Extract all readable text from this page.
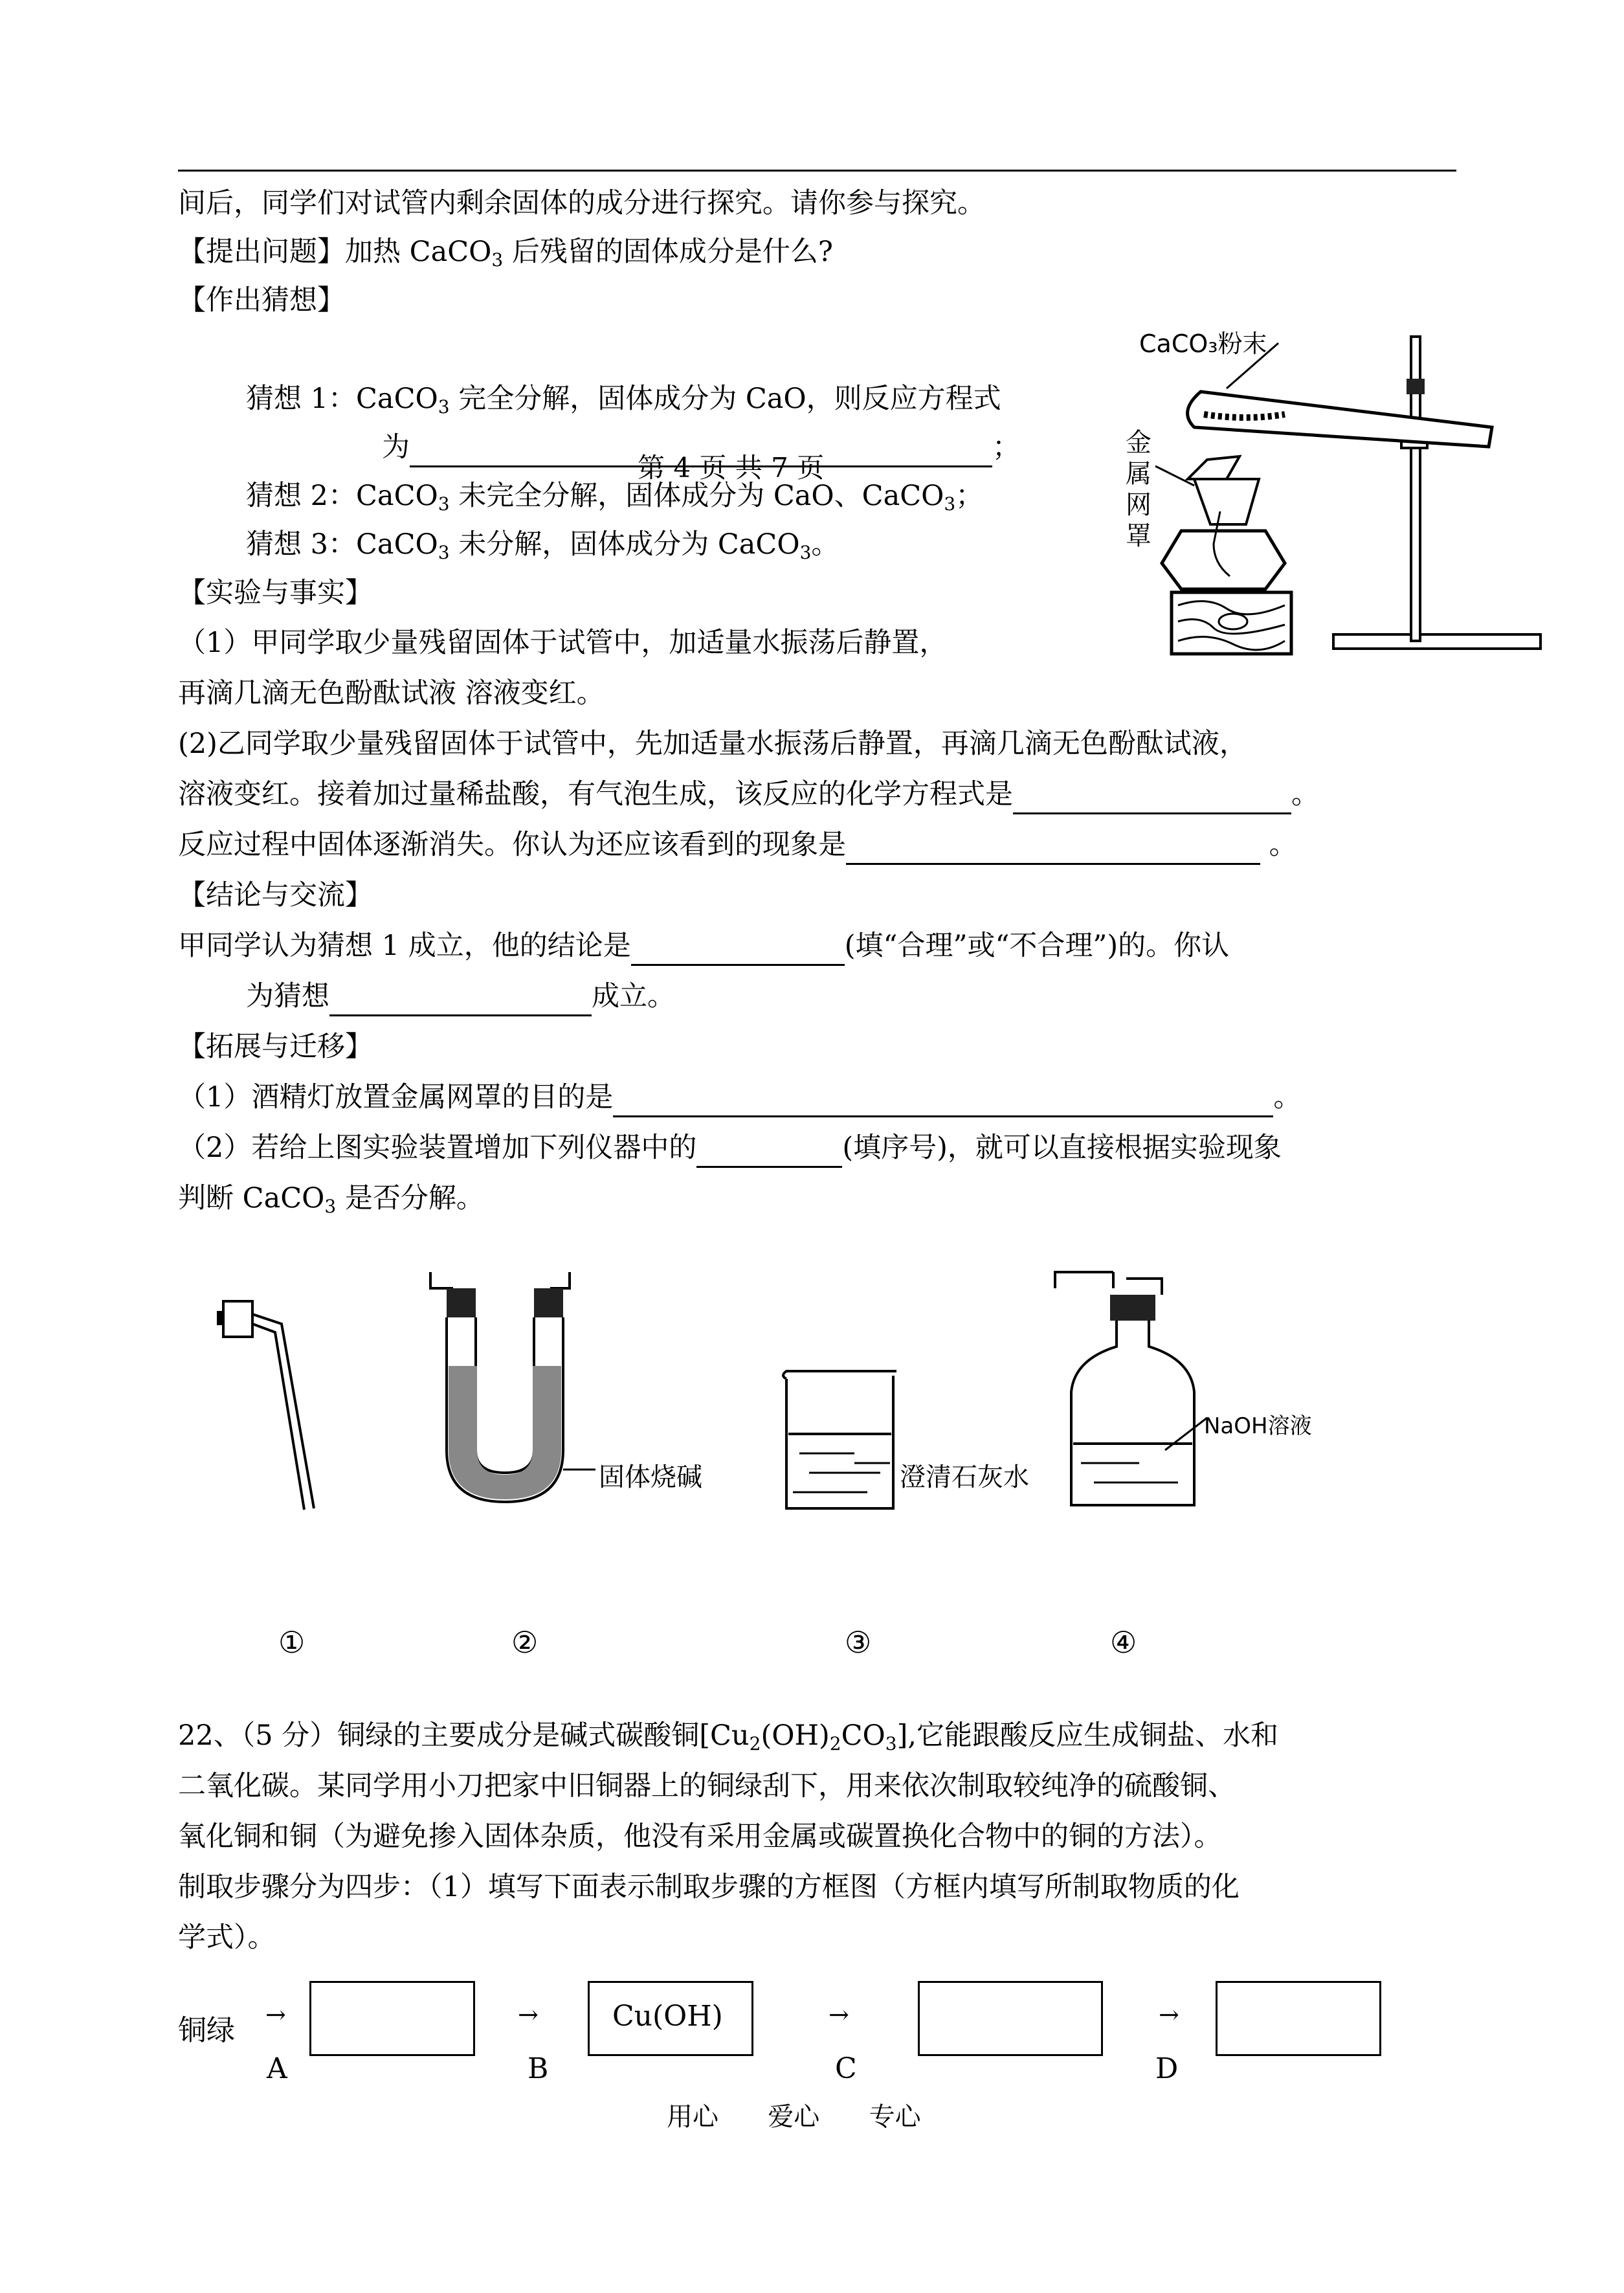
间后，同学们对试管内剩余固体的成分进行探究。请你参与探究。
【提出问题】加热 CaCO$_3$ 后残留的固体成分是什么?
【作出猜想】
猜想 1：CaCO$_3$ 完全分解，固体成分为 CaO，则反应方程式
为	；
第 4 页 共 7 页
猜想 2：CaCO$_3$ 未完全分解，固体成分为 CaO、CaCO$_3$；
猜想 3：CaCO$_3$ 未分解，固体成分为 CaCO$_3$。
【实验与事实】
（1）甲同学取少量残留固体于试管中，加适量水振荡后静置，
再滴几滴无色酚酞试液 溶液变红。
(2)乙同学取少量残留固体于试管中，先加适量水振荡后静置，再滴几滴无色酚酞试液，
溶液变红。接着加过量稀盐酸，有气泡生成，该反应的化学方程式是	。
反应过程中固体逐渐消失。你认为还应该看到的现象是	。
【结论与交流】
甲同学认为猜想 1 成立，他的结论是	(填“合理”或“不合理”)的。你认
为猜想	成立。
【拓展与迁移】
（1）酒精灯放置金属网罩的目的是	。
（2）若给上图实验装置增加下列仪器中的	(填序号)，就可以直接根据实验现象
判断 CaCO$_3$ 是否分解。
CaCO₃粉末
金
属
网
罩
固体烧碱	澄清石灰水
NaOH溶液
①	②	③	④
22、（5 分）铜绿的主要成分是碱式碳酸铜$[Cu_2(OH)_2CO_3]$,它能跟酸反应生成铜盐、水和
二氧化碳。某同学用小刀把家中旧铜器上的铜绿刮下，用来依次制取较纯净的硫酸铜、
氧化铜和铜（为避免掺入固体杂质，他没有采用金属或碳置换化合物中的铜的方法）。
制取步骤分为四步：（1）填写下面表示制取步骤的方框图（方框内填写所制取物质的化
学式）。
铜绿 →
A
→	Cu(OH)
B
→
C
→
D
用心      爱心      专心
